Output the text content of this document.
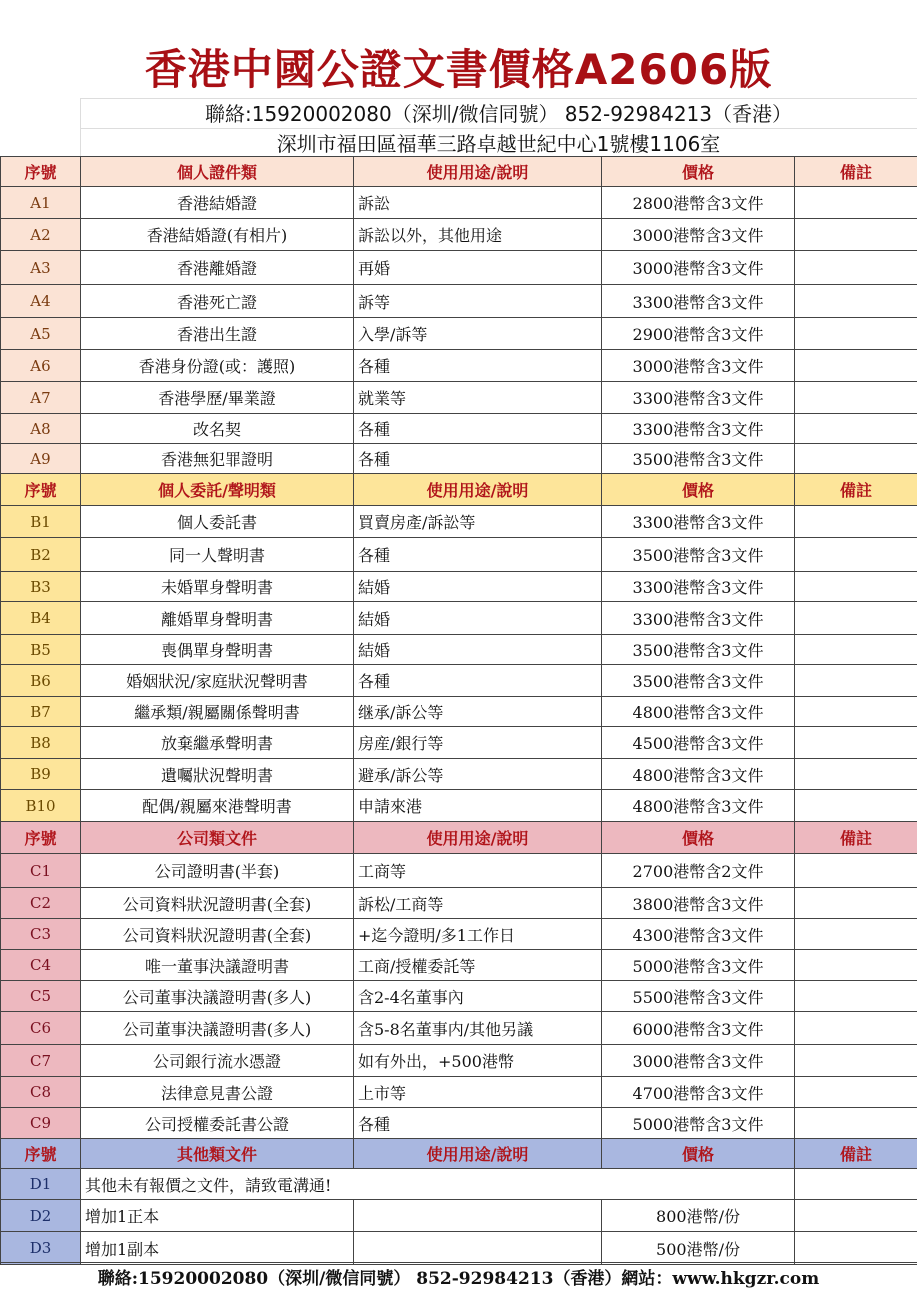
香港中國公證文書價格A2606版
聯絡:15920002080（深圳/微信同號） 852-92984213（香港）
深圳市福田區福華三路卓越世紀中心1號樓1106室
序號	個人證件類	使用用途/說明	價格	備註
A1	香港結婚證	訴訟	2800港幣含3文件	
A2	香港結婚證(有相片)	訴訟以外，其他用途	3000港幣含3文件	
A3	香港離婚證	再婚	3000港幣含3文件	
A4	香港死亡證	訴等	3300港幣含3文件	
A5	香港出生證	入學/訴等	2900港幣含3文件	
A6	香港身份證(或：護照)	各種	3000港幣含3文件	
A7	香港學歷/畢業證	就業等	3300港幣含3文件	
A8	改名契	各種	3300港幣含3文件	
A9	香港無犯罪證明	各種	3500港幣含3文件	
序號	個人委託/聲明類	使用用途/說明	價格	備註
B1	個人委託書	買賣房產/訴訟等	3300港幣含3文件	
B2	同一人聲明書	各種	3500港幣含3文件	
B3	未婚單身聲明書	結婚	3300港幣含3文件	
B4	離婚單身聲明書	結婚	3300港幣含3文件	
B5	喪偶單身聲明書	結婚	3500港幣含3文件	
B6	婚姻狀況/家庭狀況聲明書	各種	3500港幣含3文件	
B7	繼承類/親屬關係聲明書	继承/訴公等	4800港幣含3文件	
B8	放棄繼承聲明書	房産/銀行等	4500港幣含3文件	
B9	遺囑狀況聲明書	避承/訴公等	4800港幣含3文件	
B10	配偶/親屬來港聲明書	申請來港	4800港幣含3文件	
序號	公司類文件	使用用途/說明	價格	備註
C1	公司證明書(半套)	工商等	2700港幣含2文件	
C2	公司資料狀況證明書(全套)	訴松/工商等	3800港幣含3文件	
C3	公司資料狀況證明書(全套)	+迄今證明/多1工作日	4300港幣含3文件	
C4	唯一董事決議證明書	工商/授權委託等	5000港幣含3文件	
C5	公司董事決議證明書(多人)	含2-4名董事內	5500港幣含3文件	
C6	公司董事決議證明書(多人)	含5-8名董事内/其他另議	6000港幣含3文件	
C7	公司銀行流水憑證	如有外出，+500港幣	3000港幣含3文件	
C8	法律意見書公證	上市等	4700港幣含3文件	
C9	公司授權委託書公證	各種	5000港幣含3文件	
序號	其他類文件	使用用途/說明	價格	備註
D1	其他未有報價之文件，請致電溝通!			
D2	增加1正本		800港幣/份	
D3	增加1副本		500港幣/份	
聯絡:15920002080（深圳/微信同號） 852-92984213（香港）網站：www.hkgzr.com
